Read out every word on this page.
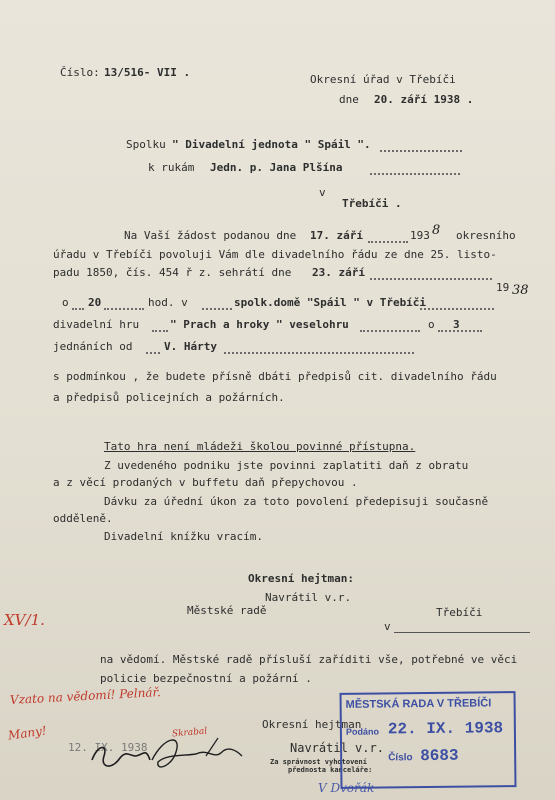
Číslo: 13/516- VII .
Okresní úřad v Třebíči
dne 20. září 1938 .
Spolku " Divadelní jednota " Spáil ".
k rukám Jedn. p. Jana Plšína
v
Třebíči .
Na Vaší žádost podanou dne 17. září	193 8 okresního
úřadu v Třebíči povoluji Vám dle divadelního řádu ze dne 25. listo-
padu 1850, čís. 454 ř z. sehrátí dne 23. září
19 38
o 20	hod. v	spolk.domě "Spáil " v Třebíči
divadelní hru	" Prach a hroky " veselohru	o 3
jednáních od	V. Hárty
s podmínkou , že budete přísně dbáti předpisů cit. divadelního řádu
a předpisů policejních a požárních.
Tato hra není mládeži školou povinné přístupna.
Z uvedeného podniku jste povinni zaplatiti daň z obratu
a z věcí prodaných v buffetu daň přepychovou .
Dávku za úřední úkon za toto povolení předepisuji současně
odděleně.
Divadelní knížku vracím.
Okresní hejtman:
Navrátil v.r.
XV/1.
Městské radě
v
Třebíči
na vědomí. Městské radě přísluší zaříditi vše, potřebné ve věci
policie bezpečnostní a požární .
Vzato na vědomí! Pelnář.
Many!	Okresní hejtman
Navrátil v.r.
Za správnost vyhotovení
přednosta kanceláře:
12. IX. 1938
Skrabal
V Dvořák
MĚSTSKÁ RADA V TŘEBÍČI
Podáno 22. IX. 1938
Číslo 8683
